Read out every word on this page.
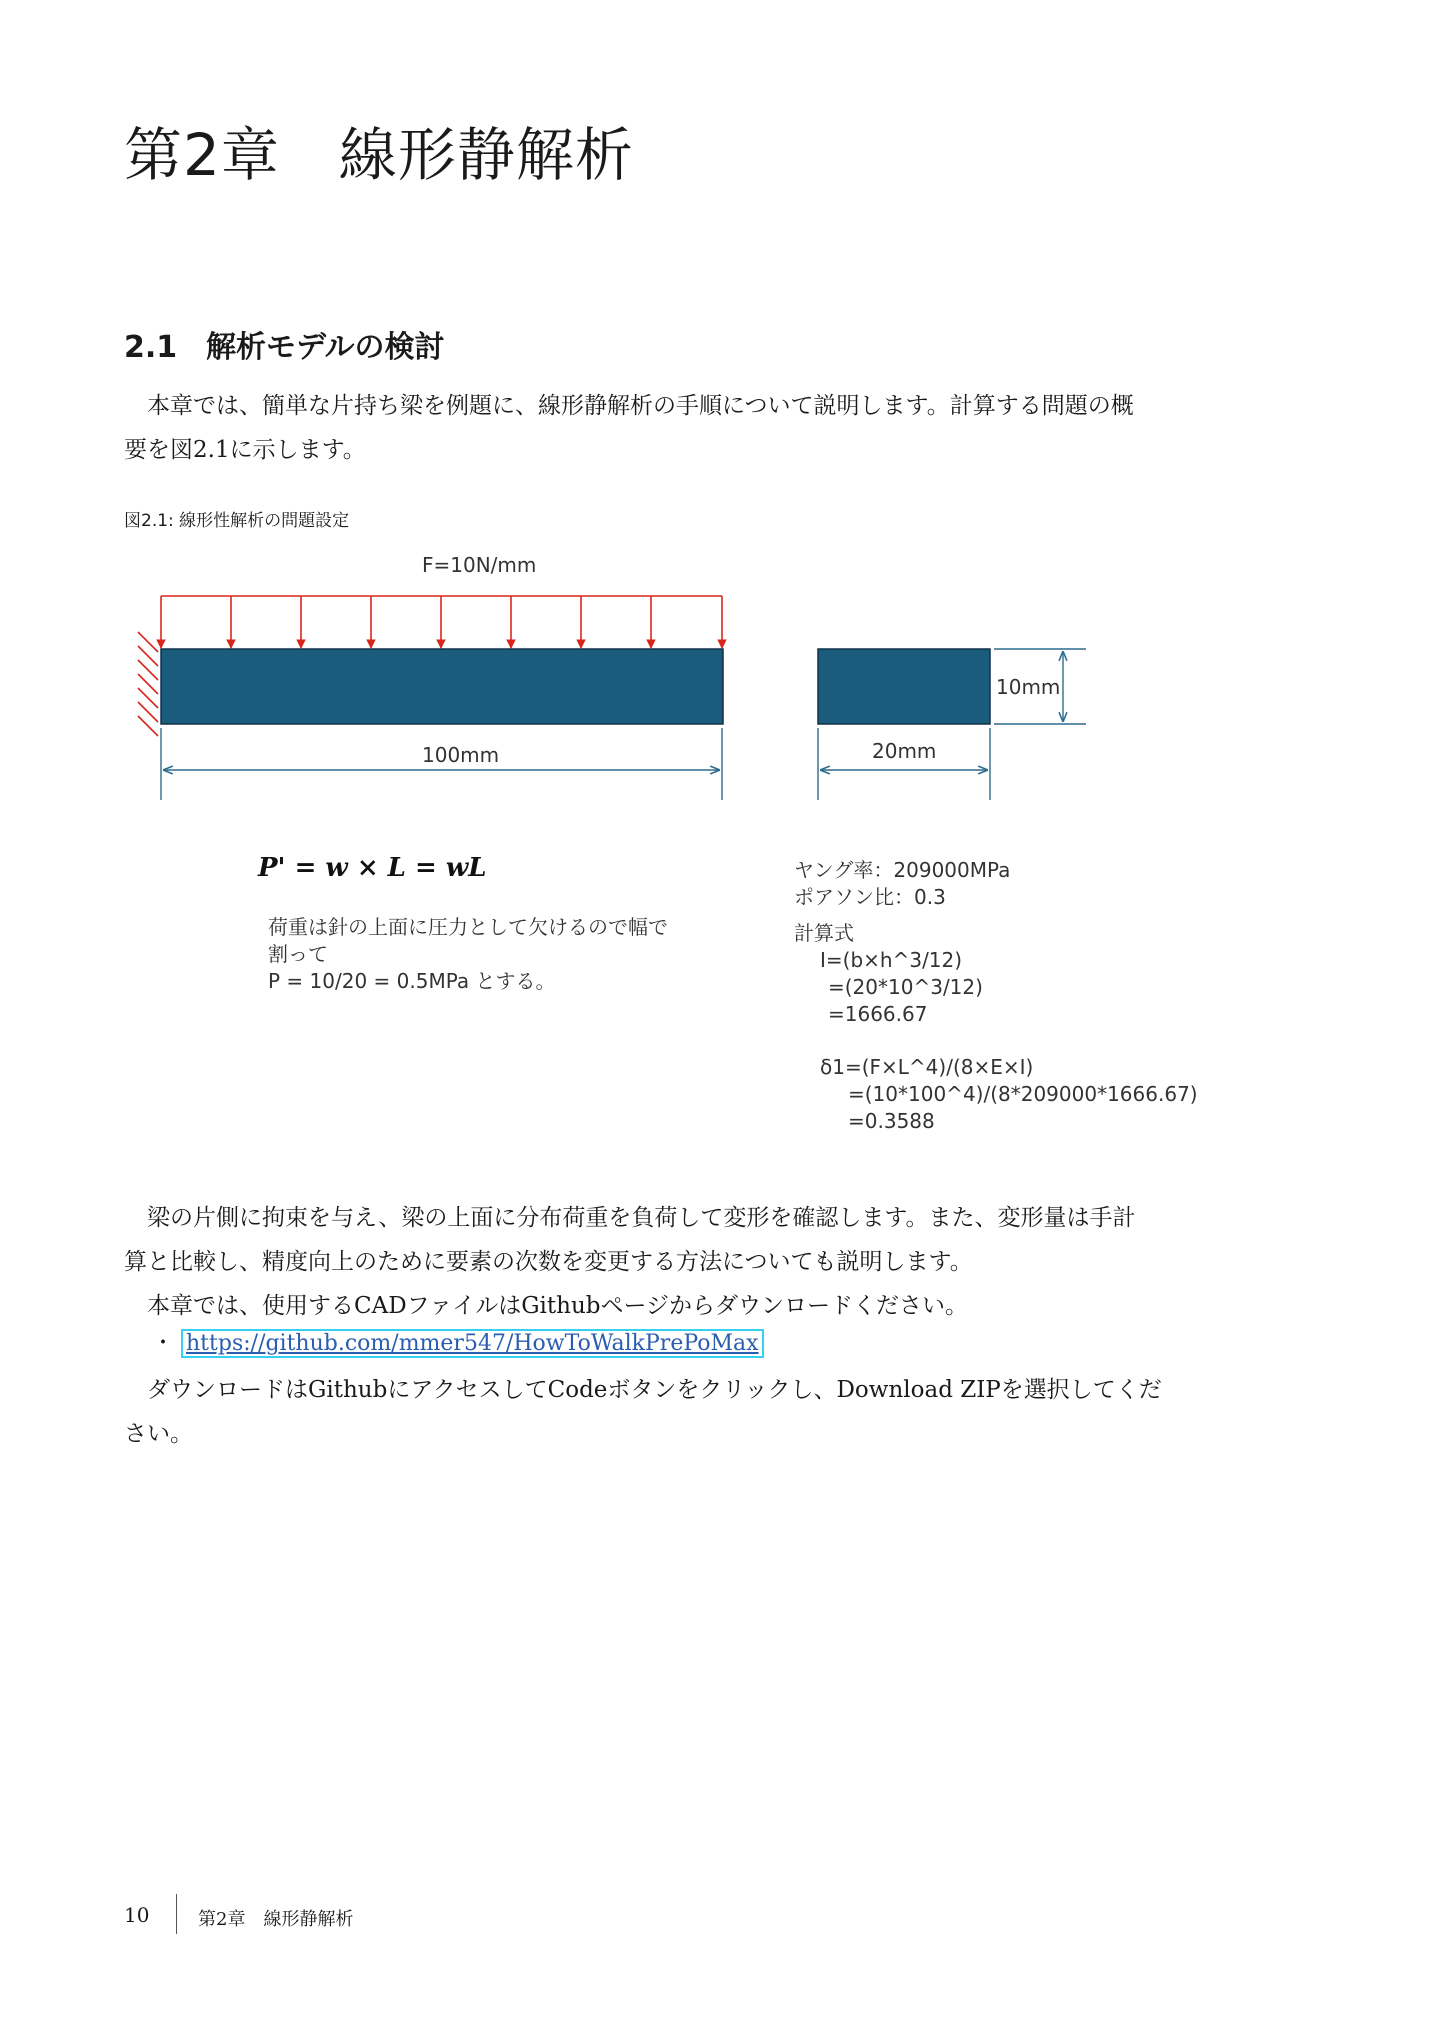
第2章　線形静解析
2.1 解析モデルの検討

　本章では、簡単な片持ち梁を例題に、線形静解析の手順について説明します。計算する問題の概

要を図2.1に示します。

図2.1: 線形性解析の問題設定
F=10N/mm
100mm	20mm
10mm
P' = w × L = wL
荷重は針の上面に圧力として欠けるので幅で
割って
P = 10/20 = 0.5MPa とする。
ヤング率：209000MPa
ポアソン比：0.3
計算式
I=(b×h^3/12)
=(20*10^3/12)
=1666.67
δ1=(F×L^4)/(8×E×I)
=(10*100^4)/(8*209000*1666.67)
=0.3588

　梁の片側に拘束を与え、梁の上面に分布荷重を負荷して変形を確認します。また、変形量は手計

算と比較し、精度向上のために要素の次数を変更する方法についても説明します。

　本章では、使用するCADファイルはGithubページからダウンロードください。

・ https://github.com/mmer547/HowToWalkPrePoMax

　ダウンロードはGithubにアクセスしてCodeボタンをクリックし、Download ZIPを選択してくだ

さい。

10	第2章　線形静解析
